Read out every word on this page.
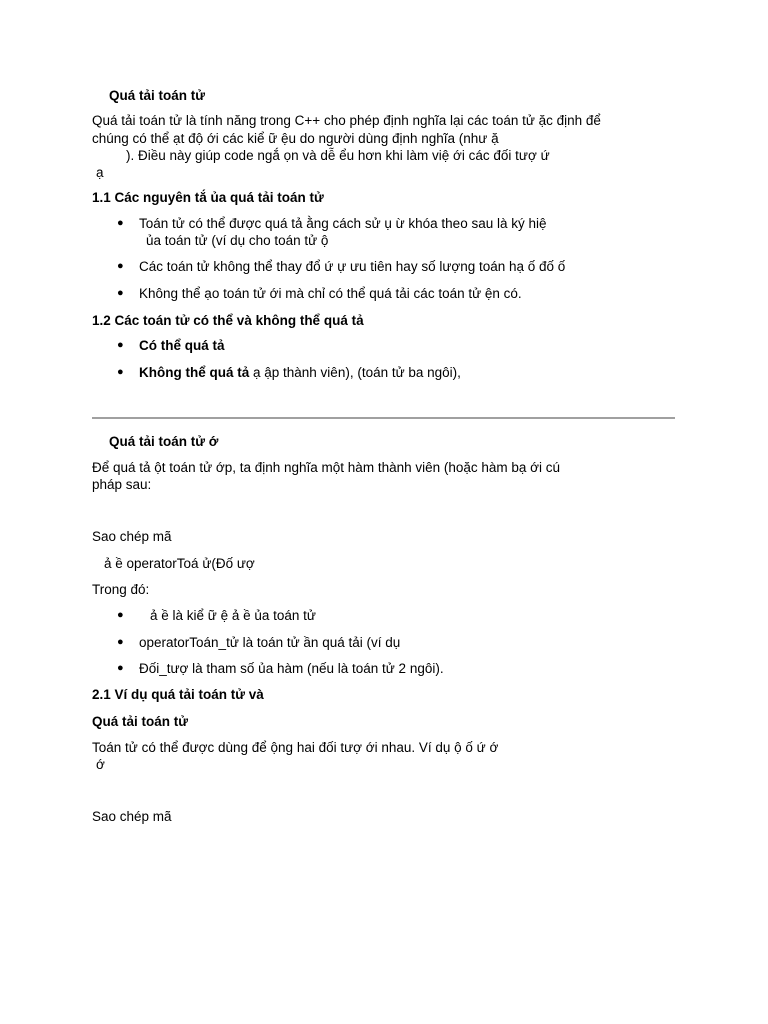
Quá tải toán tử
Quá tải toán tử là tính năng trong C++ cho phép định nghĩa lại các toán tử ặc định để
chúng có thể ạt độ ới các kiể ữ ệu do người dùng định nghĩa (như ặ
). Điều này giúp code ngắ ọn và dễ ểu hơn khi làm việ ới các đối tượ ứ
ạ
1.1 Các nguyên tắ ủa quá tải toán tử
● Toán tử có thể được quá tả ằng cách sử ụ ừ khóa theo sau là ký hiệ
ủa toán tử (ví dụ cho toán tử ộ
● Các toán tử không thể thay đổ ứ ự ưu tiên hay số lượng toán hạ ố đố ố
● Không thể ạo toán tử ới mà chỉ có thể quá tải các toán tử ện có.
1.2 Các toán tử có thể và không thể quá tả
● Có thể quá tả
● Không thể quá tả ạ ập thành viên), (toán tử ba ngôi),
Quá tải toán tử ớ
Để quá tả ột toán tử ớp, ta định nghĩa một hàm thành viên (hoặc hàm bạ ới cú
pháp sau:
Sao chép mã
ả ề operatorToá ử(Đố ượ
Trong đó:
● ả ề là kiể ữ ệ ả ề ủa toán tử
● operatorToán_tử là toán tử ần quá tải (ví dụ
● Đối_tượ là tham số ủa hàm (nếu là toán tử 2 ngôi).
2.1 Ví dụ quá tải toán tử và
Quá tải toán tử
Toán tử có thể được dùng để ộng hai đối tượ ới nhau. Ví dụ ộ ố ứ ớ
ớ
Sao chép mã
